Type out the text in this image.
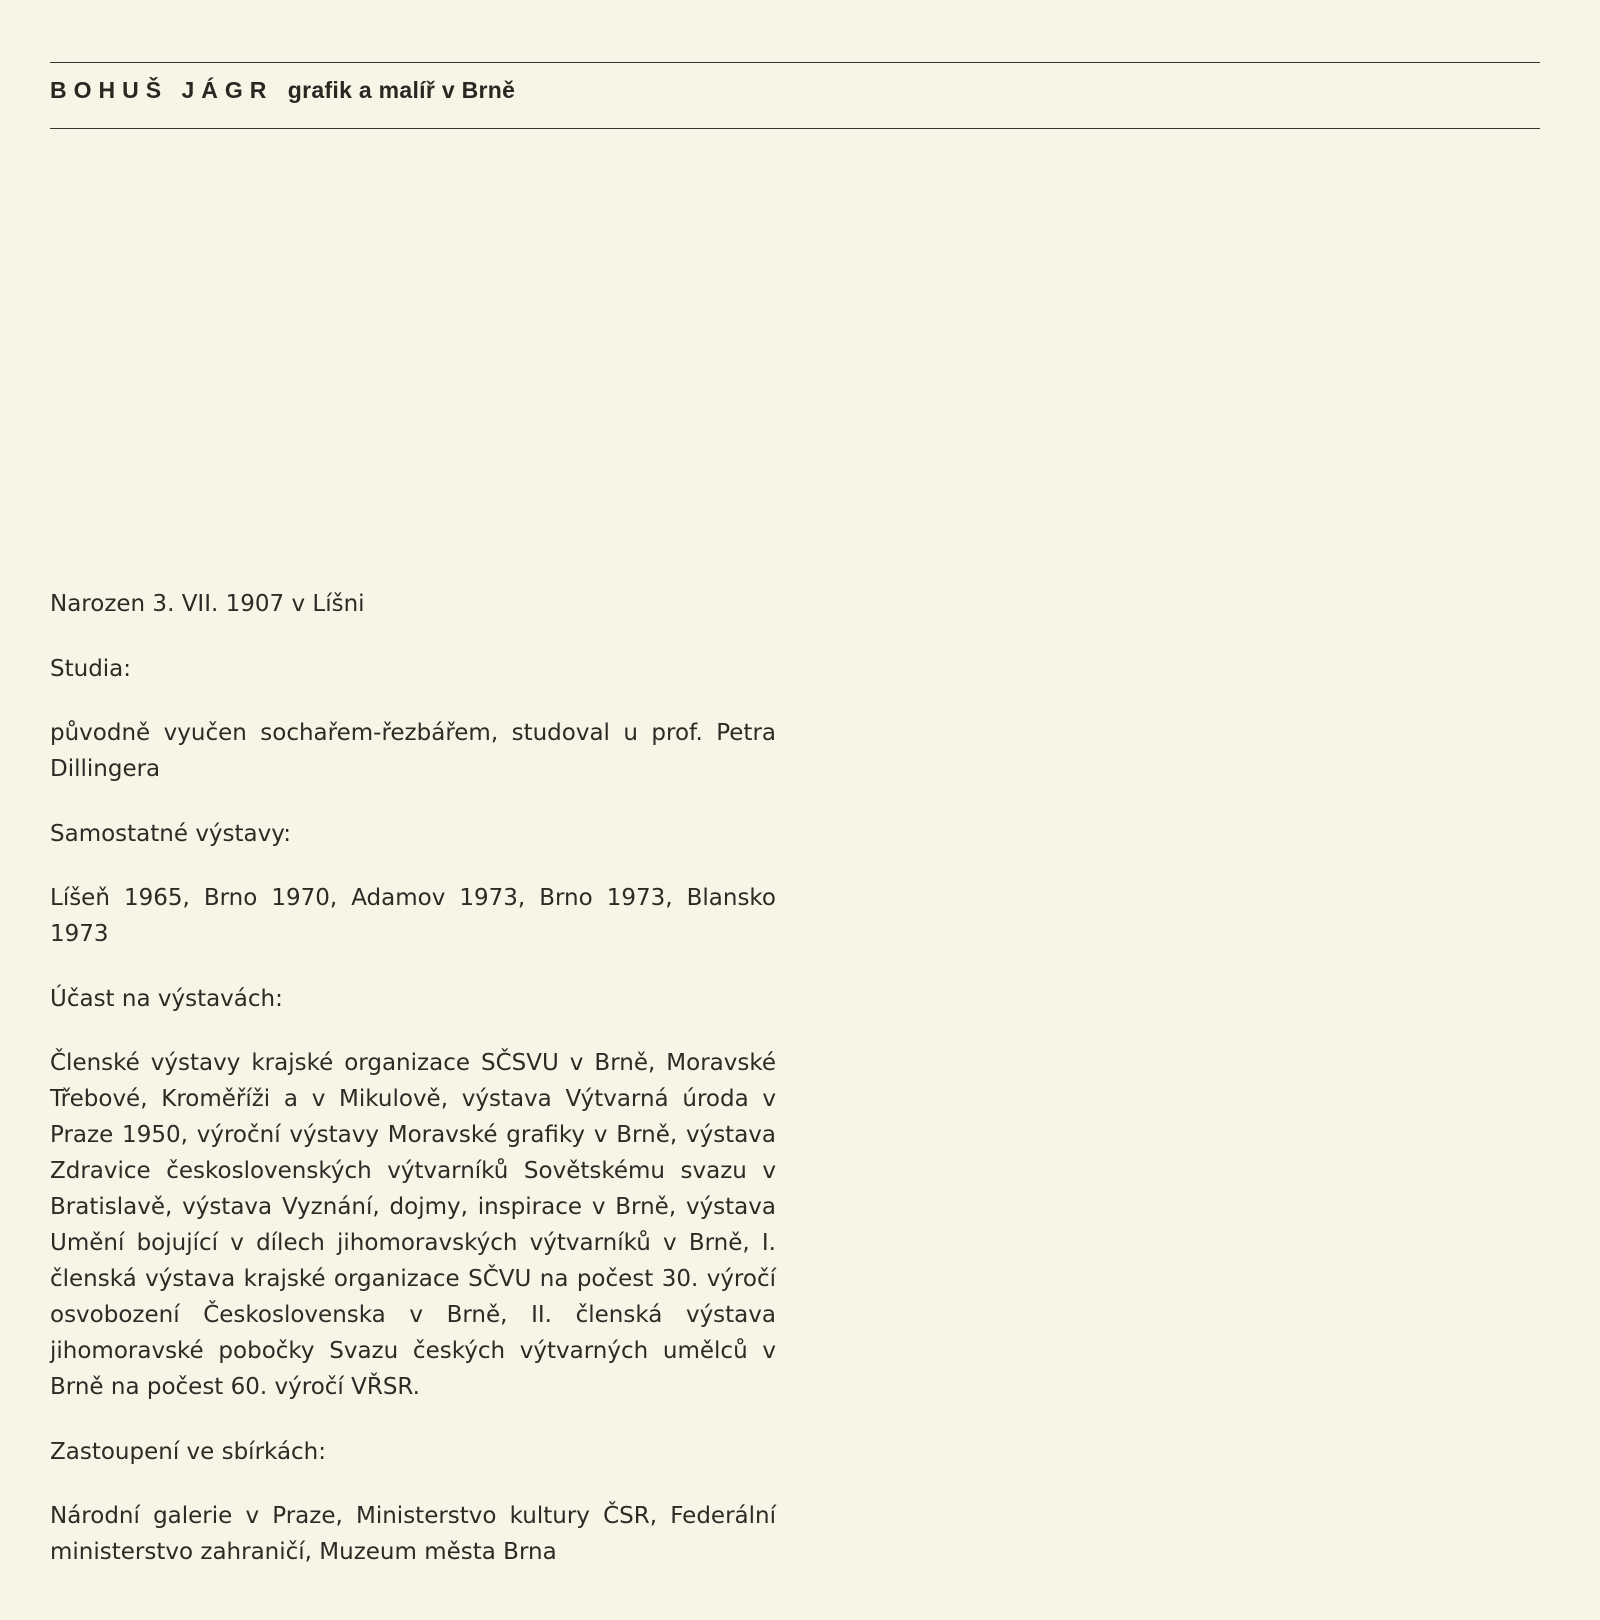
BOHUŠ JÁGR grafik a malíř v Brně

Narozen 3. VII. 1907 v Líšni

Studia:

původně vyučen sochařem-řezbářem, studoval u prof. Petra Dillingera

Samostatné výstavy:

Líšeň 1965, Brno 1970, Adamov 1973, Brno 1973, Blansko 1973

Účast na výstavách:

Členské výstavy krajské organizace SČSVU v Brně, Moravské Třebové, Kroměříži a v Mikulově, výstava Výtvarná úroda v Praze 1950, výroční výstavy Moravské grafiky v Brně, výstava Zdravice československých výtvarníků Sovětskému svazu v Bratislavě, výstava Vyznání, dojmy, inspirace v Brně, výstava Umění bojující v dílech jihomoravských výtvarníků v Brně, I. členská výstava krajské organizace SČVU na počest 30. výročí osvobození Československa v Brně, II. členská výstava jihomoravské pobočky Svazu českých výtvarných umělců v Brně na počest 60. výročí VŘSR.

Zastoupení ve sbírkách:

Národní galerie v Praze, Ministerstvo kultury ČSR, Federální ministerstvo zahraničí, Muzeum města Brna
